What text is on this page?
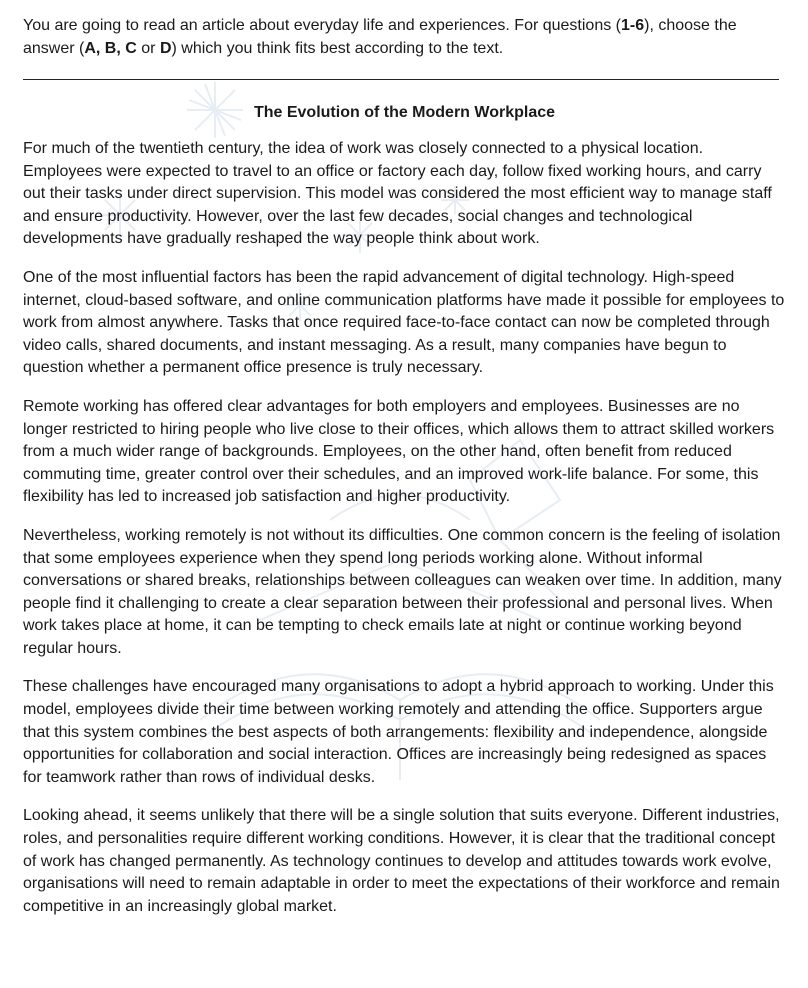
You are going to read an article about everyday life and experiences. For questions (1-6), choose the answer (A, B, C or D) which you think fits best according to the text.

The Evolution of the Modern Workplace

For much of the twentieth century, the idea of work was closely connected to a physical location. Employees were expected to travel to an office or factory each day, follow fixed working hours, and carry out their tasks under direct supervision. This model was considered the most efficient way to manage staff and ensure productivity. However, over the last few decades, social changes and technological developments have gradually reshaped the way people think about work.

One of the most influential factors has been the rapid advancement of digital technology. High-speed internet, cloud-based software, and online communication platforms have made it possible for employees to work from almost anywhere. Tasks that once required face-to-face contact can now be completed through video calls, shared documents, and instant messaging. As a result, many companies have begun to question whether a permanent office presence is truly necessary.

Remote working has offered clear advantages for both employers and employees. Businesses are no longer restricted to hiring people who live close to their offices, which allows them to attract skilled workers from a much wider range of backgrounds. Employees, on the other hand, often benefit from reduced commuting time, greater control over their schedules, and an improved work-life balance. For some, this flexibility has led to increased job satisfaction and higher productivity.

Nevertheless, working remotely is not without its difficulties. One common concern is the feeling of isolation that some employees experience when they spend long periods working alone. Without informal conversations or shared breaks, relationships between colleagues can weaken over time. In addition, many people find it challenging to create a clear separation between their professional and personal lives. When work takes place at home, it can be tempting to check emails late at night or continue working beyond regular hours.

These challenges have encouraged many organisations to adopt a hybrid approach to working. Under this model, employees divide their time between working remotely and attending the office. Supporters argue that this system combines the best aspects of both arrangements: flexibility and independence, alongside opportunities for collaboration and social interaction. Offices are increasingly being redesigned as spaces for teamwork rather than rows of individual desks.

Looking ahead, it seems unlikely that there will be a single solution that suits everyone. Different industries, roles, and personalities require different working conditions. However, it is clear that the traditional concept of work has changed permanently. As technology continues to develop and attitudes towards work evolve, organisations will need to remain adaptable in order to meet the expectations of their workforce and remain competitive in an increasingly global market.
